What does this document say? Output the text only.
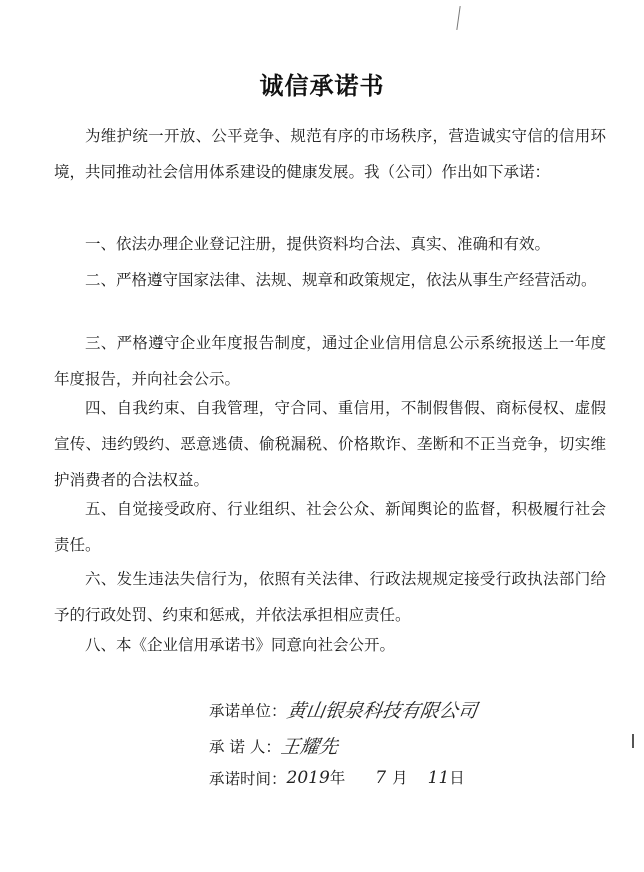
诚信承诺书

为维护统一开放、公平竞争、规范有序的市场秩序，营造诚实守信的信用环境，共同推动社会信用体系建设的健康发展。我（公司）作出如下承诺：

一、依法办理企业登记注册，提供资料均合法、真实、准确和有效。

二、严格遵守国家法律、法规、规章和政策规定，依法从事生产经营活动。

三、严格遵守企业年度报告制度，通过企业信用信息公示系统报送上一年度年度报告，并向社会公示。

四、自我约束、自我管理，守合同、重信用，不制假售假、商标侵权、虚假宣传、违约毁约、恶意逃债、偷税漏税、价格欺诈、垄断和不正当竞争，切实维护消费者的合法权益。

五、自觉接受政府、行业组织、社会公众、新闻舆论的监督，积极履行社会责任。

六、发生违法失信行为，依照有关法律、行政法规规定接受行政执法部门给予的行政处罚、约束和惩戒，并依法承担相应责任。

八、本《企业信用承诺书》同意向社会公开。

承诺单位：黄山银泉科技有限公司
承 诺 人：王耀先
承诺时间：2019年 7 月 11日
